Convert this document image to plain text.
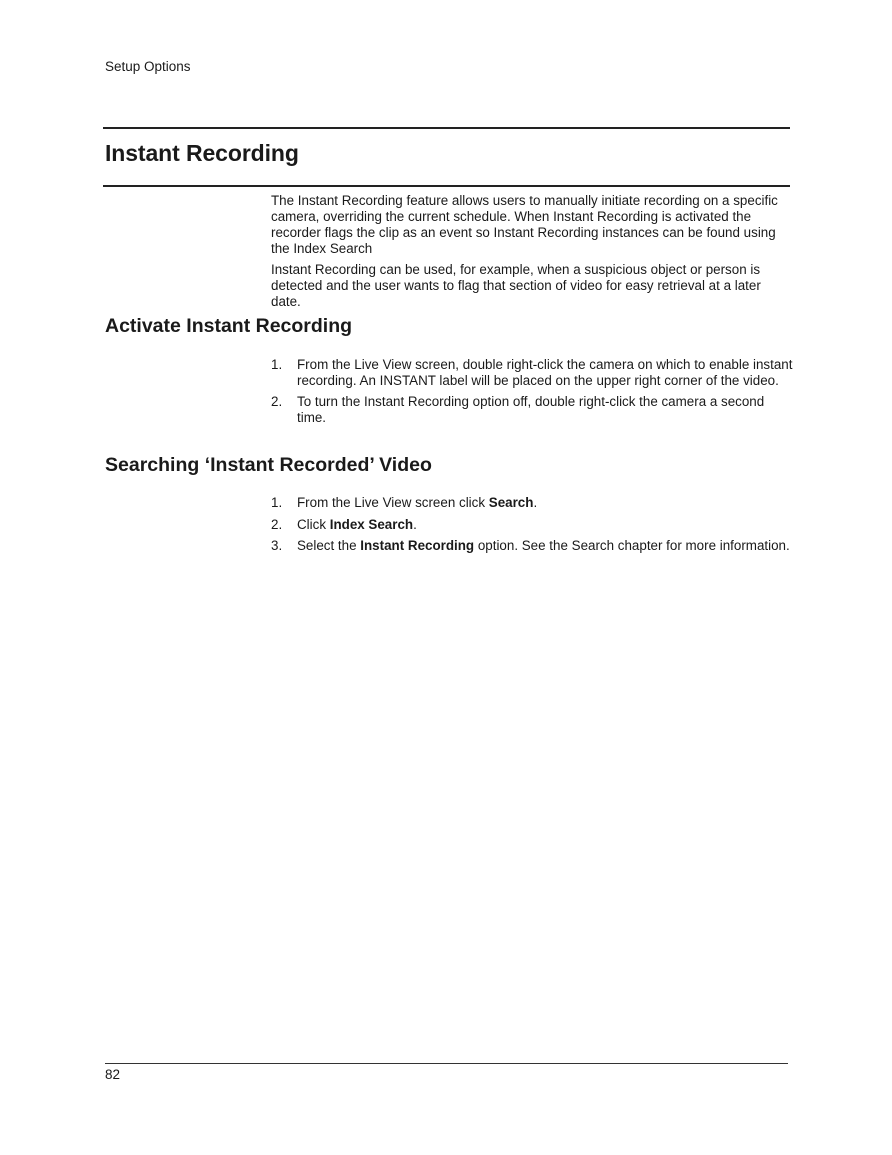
Setup Options
Instant Recording

The Instant Recording feature allows users to manually initiate recording on a specific camera, overriding the current schedule. When Instant Recording is activated the recorder flags the clip as an event so Instant Recording instances can be found using the Index Search

Instant Recording can be used, for example, when a suspicious object or person is detected and the user wants to flag that section of video for easy retrieval at a later date.

Activate Instant Recording
1. From the Live View screen, double right-click the camera on which to enable instant recording. An INSTANT label will be placed on the upper right corner of the video.
2. To turn the Instant Recording option off, double right-click the camera a second time.
Searching ‘Instant Recorded’ Video
1. From the Live View screen click Search.
2. Click Index Search.
3. Select the Instant Recording option. See the Search chapter for more information.
82
